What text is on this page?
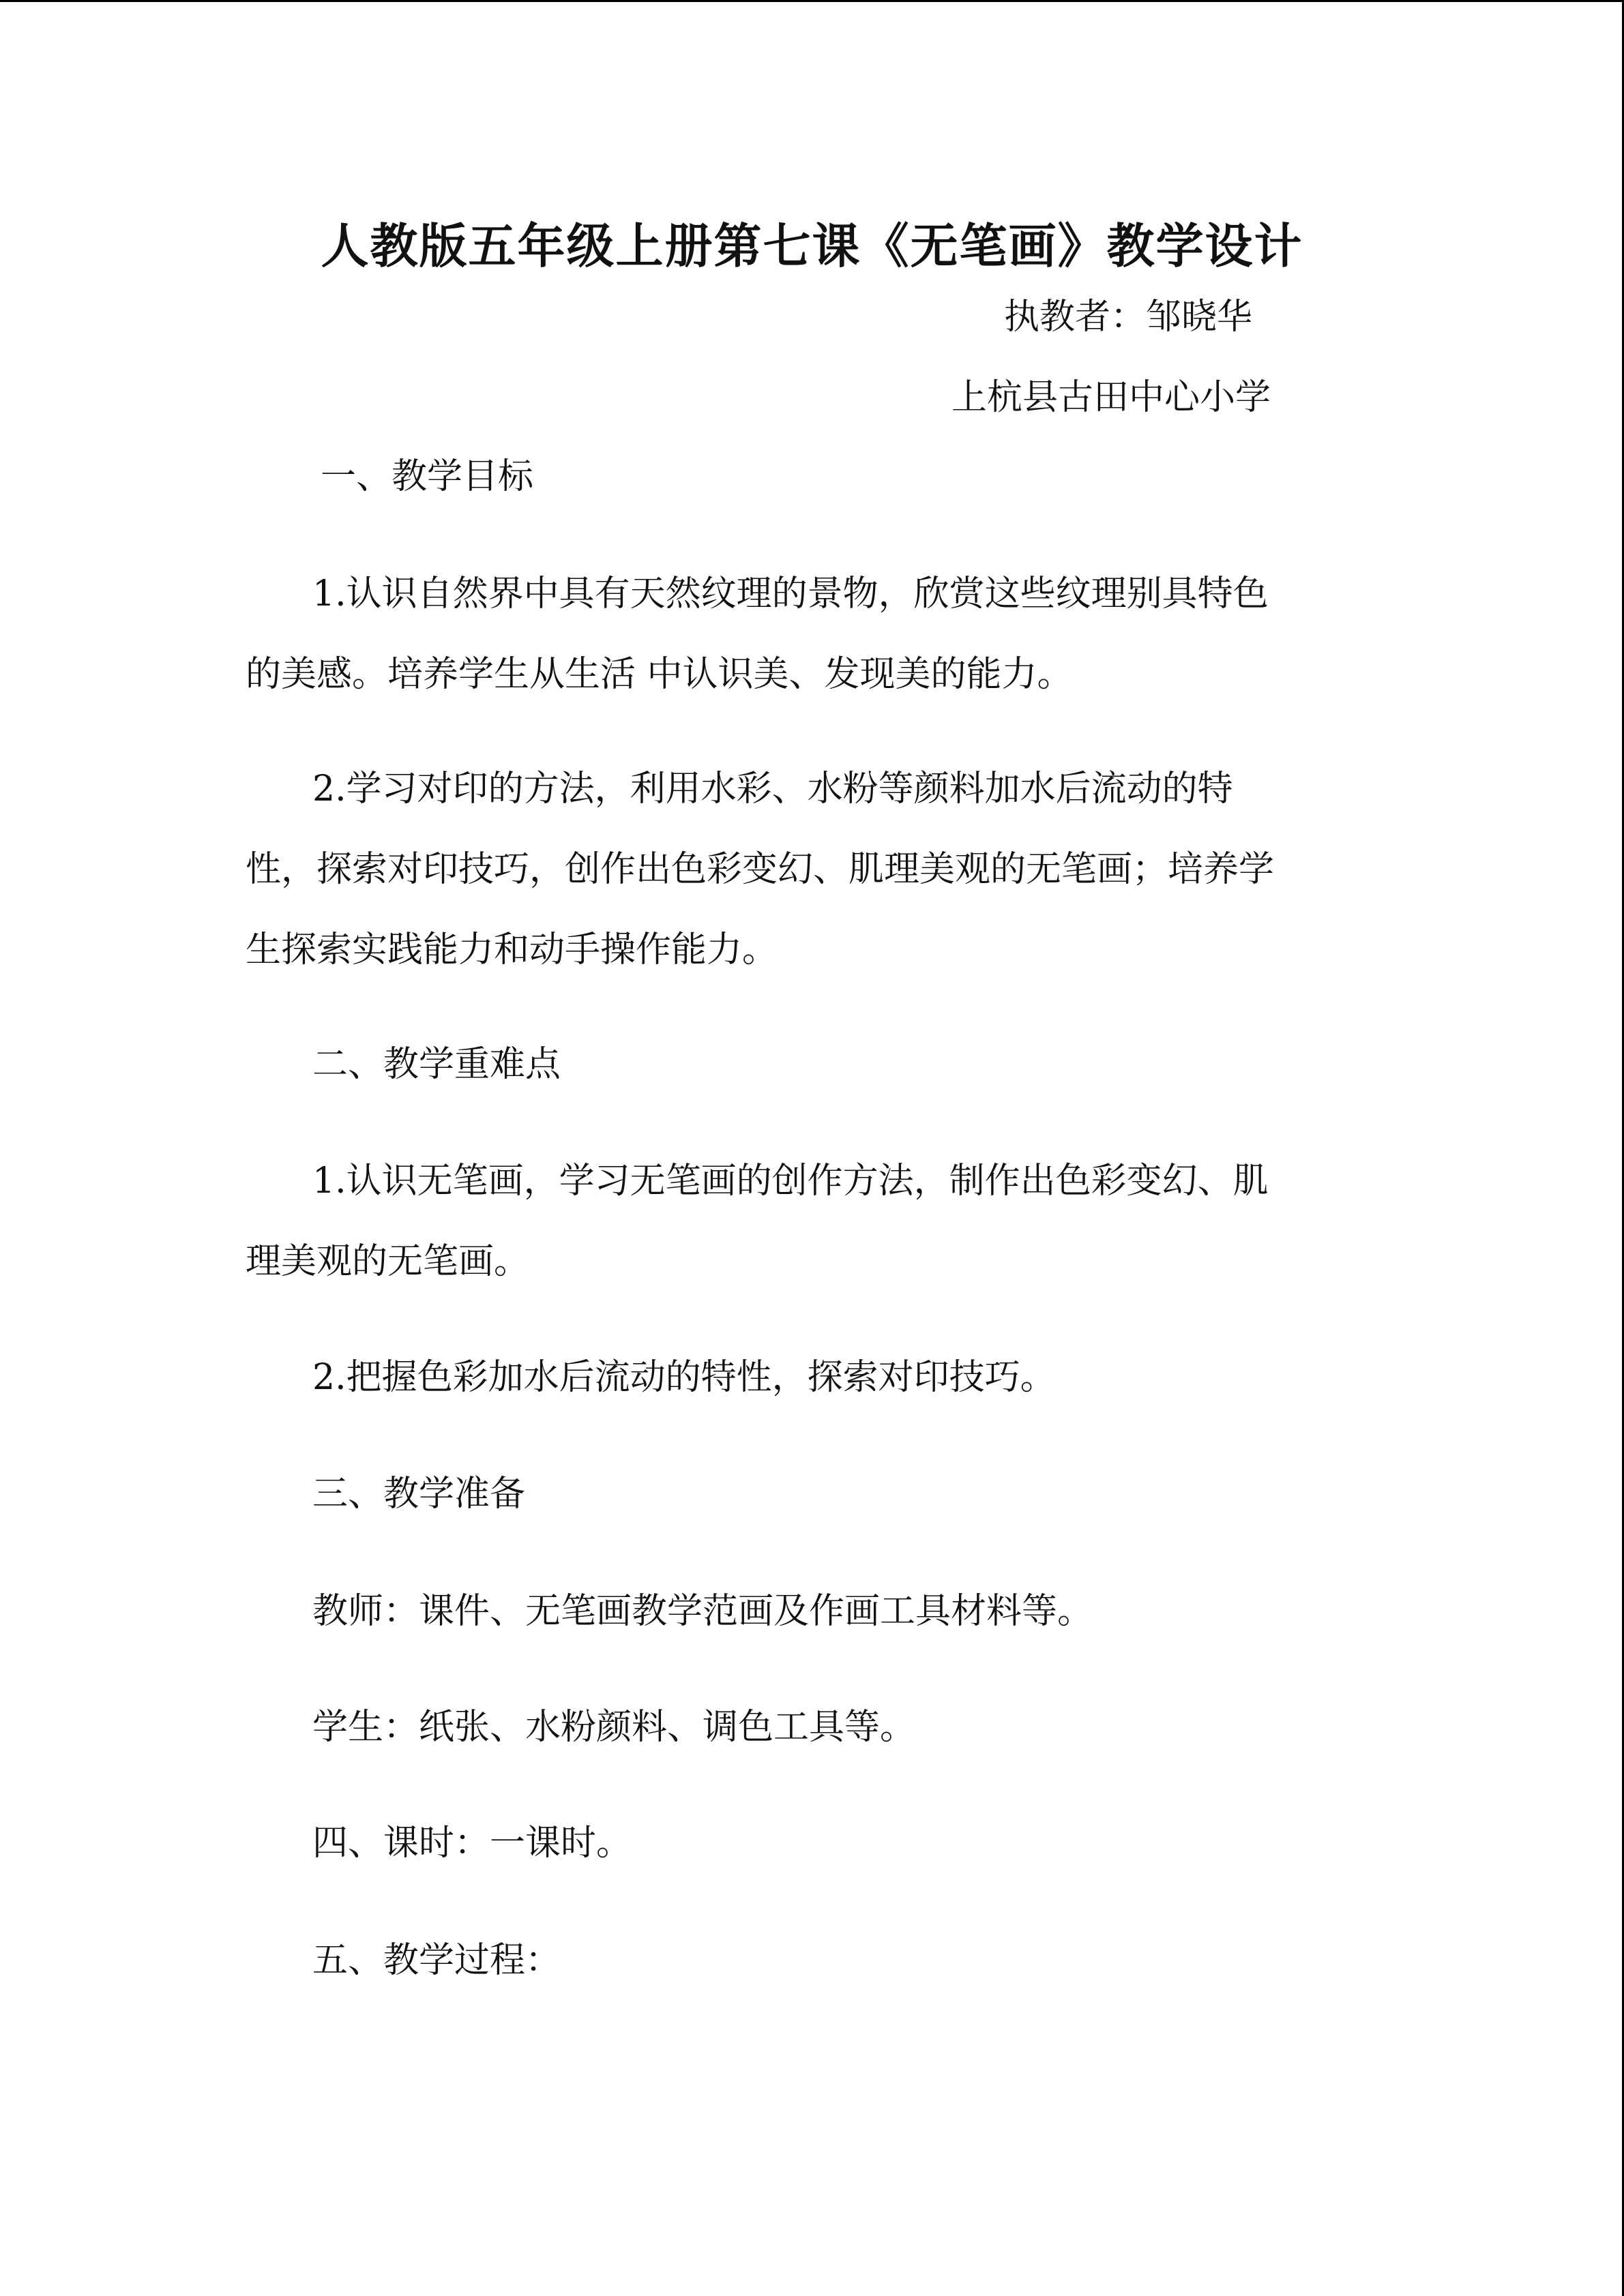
人教版五年级上册第七课《无笔画》教学设计

执教者：邹晓华

上杭县古田中心小学

一、教学目标

1.认识自然界中具有天然纹理的景物，欣赏这些纹理别具特色

的美感。培养学生从生活 中认识美、发现美的能力。

2.学习对印的方法，利用水彩、水粉等颜料加水后流动的特

性，探索对印技巧，创作出色彩变幻、肌理美观的无笔画；培养学

生探索实践能力和动手操作能力。

二、教学重难点

1.认识无笔画，学习无笔画的创作方法，制作出色彩变幻、肌

理美观的无笔画。

2.把握色彩加水后流动的特性，探索对印技巧。

三、教学准备

教师：课件、无笔画教学范画及作画工具材料等。

学生：纸张、水粉颜料、调色工具等。

四、课时：一课时。

五、教学过程：
